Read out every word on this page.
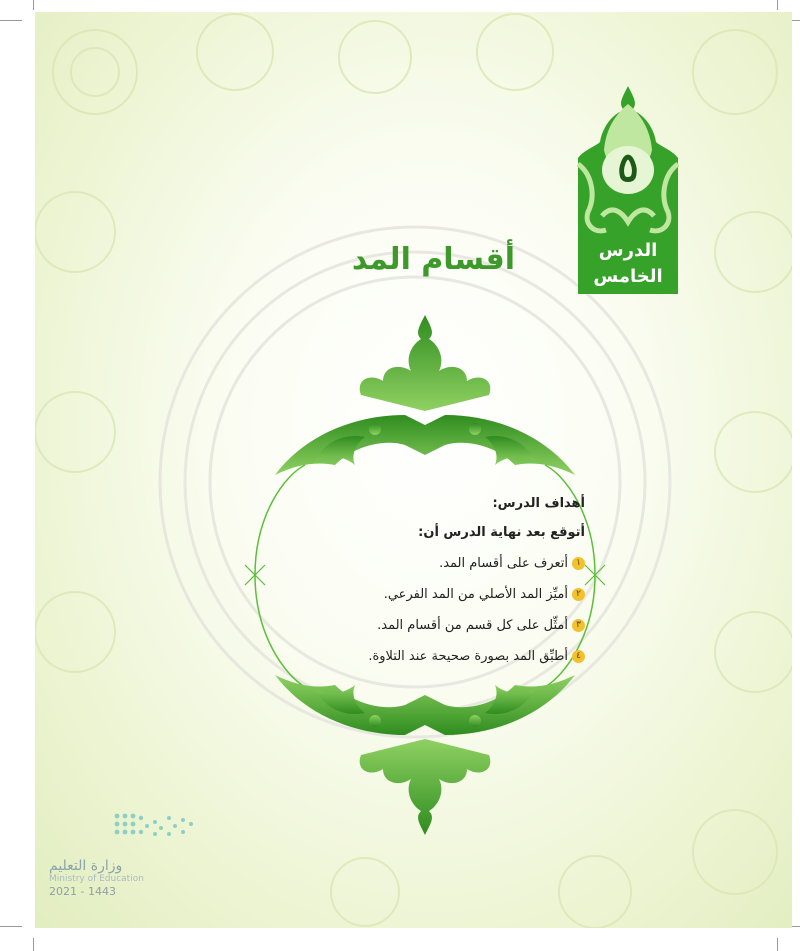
٥
الدرس
الخامس
أقسام المد
أهداف الدرس:
أتوقع بعد نهاية الدرس أن:
١أتعرف على أقسام المد.
٢أميِّز المد الأصلي من المد الفرعي.
٣أمثِّل على كل قسم من أقسام المد.
٤أطبِّق المد بصورة صحيحة عند التلاوة.
وزارة التعليم
Ministry of Education
2021 - 1443
